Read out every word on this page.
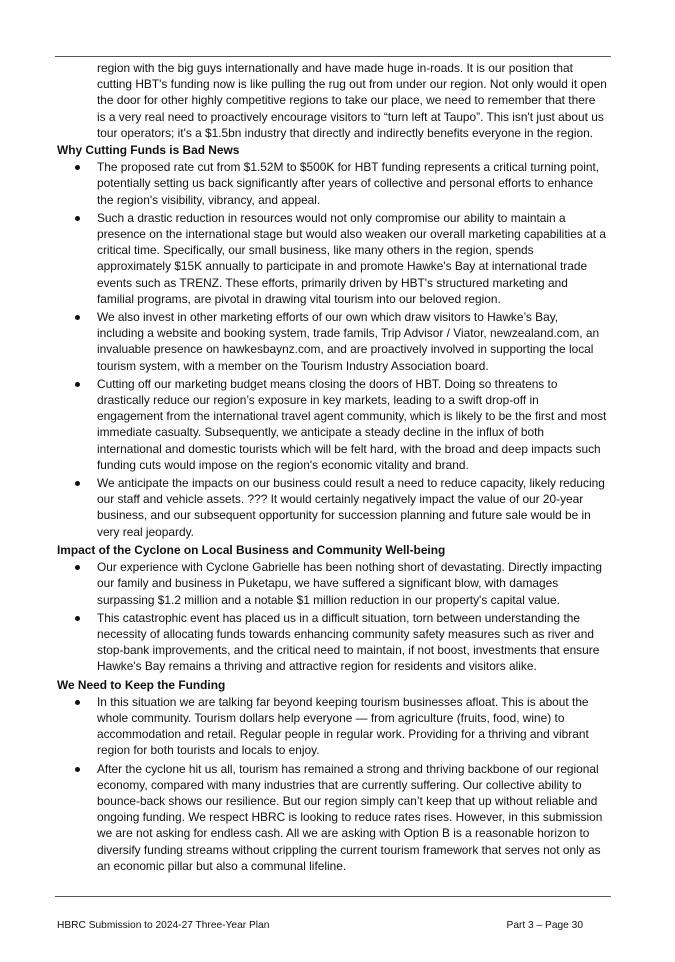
region with the big guys internationally and have made huge in-roads. It is our position that cutting HBT's funding now is like pulling the rug out from under our region. Not only would it open the door for other highly competitive regions to take our place, we need to remember that there is a very real need to proactively encourage visitors to “turn left at Taupo”. This isn't just about us tour operators; it's a $1.5bn industry that directly and indirectly benefits everyone in the region.

Why Cutting Funds is Bad News
The proposed rate cut from $1.52M to $500K for HBT funding represents a critical turning point, potentially setting us back significantly after years of collective and personal efforts to enhance the region's visibility, vibrancy, and appeal.
Such a drastic reduction in resources would not only compromise our ability to maintain a presence on the international stage but would also weaken our overall marketing capabilities at a critical time. Specifically, our small business, like many others in the region, spends approximately $15K annually to participate in and promote Hawke's Bay at international trade events such as TRENZ. These efforts, primarily driven by HBT's structured marketing and familial programs, are pivotal in drawing vital tourism into our beloved region.
We also invest in other marketing efforts of our own which draw visitors to Hawke’s Bay, including a website and booking system, trade famils, Trip Advisor / Viator, newzealand.com, an invaluable presence on hawkesbaynz.com, and are proactively involved in supporting the local tourism system, with a member on the Tourism Industry Association board.
Cutting off our marketing budget means closing the doors of HBT. Doing so threatens to drastically reduce our region’s exposure in key markets, leading to a swift drop-off in engagement from the international travel agent community, which is likely to be the first and most immediate casualty. Subsequently, we anticipate a steady decline in the influx of both international and domestic tourists which will be felt hard, with the broad and deep impacts such funding cuts would impose on the region's economic vitality and brand.
We anticipate the impacts on our business could result a need to reduce capacity, likely reducing our staff and vehicle assets. ??? It would certainly negatively impact the value of our 20-year business, and our subsequent opportunity for succession planning and future sale would be in very real jeopardy.
Impact of the Cyclone on Local Business and Community Well-being
Our experience with Cyclone Gabrielle has been nothing short of devastating. Directly impacting our family and business in Puketapu, we have suffered a significant blow, with damages surpassing $1.2 million and a notable $1 million reduction in our property's capital value.
This catastrophic event has placed us in a difficult situation, torn between understanding the necessity of allocating funds towards enhancing community safety measures such as river and stop-bank improvements, and the critical need to maintain, if not boost, investments that ensure Hawke's Bay remains a thriving and attractive region for residents and visitors alike.
We Need to Keep the Funding
In this situation we are talking far beyond keeping tourism businesses afloat. This is about the whole community. Tourism dollars help everyone — from agriculture (fruits, food, wine) to accommodation and retail. Regular people in regular work. Providing for a thriving and vibrant region for both tourists and locals to enjoy.
After the cyclone hit us all, tourism has remained a strong and thriving backbone of our regional economy, compared with many industries that are currently suffering. Our collective ability to bounce-back shows our resilience. But our region simply can’t keep that up without reliable and ongoing funding. We respect HBRC is looking to reduce rates rises. However, in this submission we are not asking for endless cash. All we are asking with Option B is a reasonable horizon to diversify funding streams without crippling the current tourism framework that serves not only as an economic pillar but also a communal lifeline.
HBRC Submission to 2024-27 Three-Year Plan	Part 3 – Page 30
